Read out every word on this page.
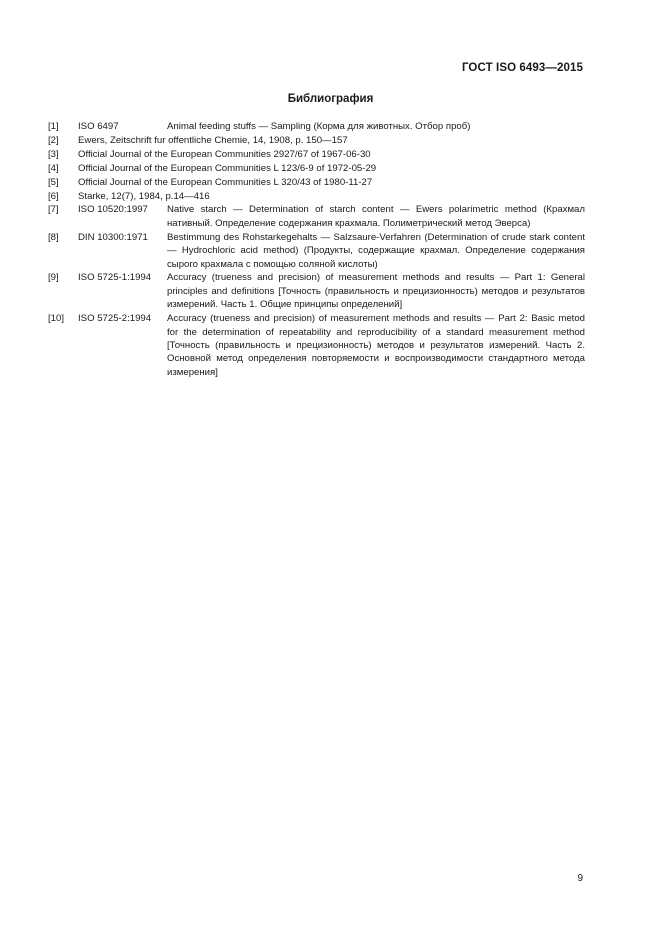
ГОСТ ISO 6493—2015
Библиография
[1]	ISO 6497	Animal feeding stuffs — Sampling (Корма для животных. Отбор проб)
[2]	Ewers, Zeitschrift fur offentliche Chemie, 14, 1908, p. 150—157
[3]	Official Journal of the European Communities 2927/67 of 1967-06-30
[4]	Official Journal of the European Communities L 123/6-9 of 1972-05-29
[5]	Official Journal of the European Communities L 320/43 of 1980-11-27
[6]	Starke, 12(7), 1984, p.14—416
[7]	ISO 10520:1997	Native starch — Determination of starch content — Ewers polarimetric method (Крахмал нативный. Определение содержания крахмала. Полиметрический метод Эверса)
[8]	DIN 10300:1971	Bestimmung des Rohstarkegehalts — Salzsaure-Verfahren (Determination of crude stark content — Hydrochloric acid method) (Продукты, содержащие крахмал. Определение содержания сырого крахмала с помощью соляной кислоты)
[9]	ISO 5725-1:1994	Accuracy (trueness and precision) of measurement methods and results — Part 1: General principles and definitions [Точность (правильность и прецизионность) методов и результатов измерений. Часть 1. Общие принципы определений]
[10]	ISO 5725-2:1994	Accuracy (trueness and precision) of measurement methods and results — Part 2: Basic metod for the determination of repeatability and reproducibility of a standard measurement method [Точность (правильность и прецизионность) методов и результатов измерений. Часть 2. Основной метод определения повторяемости и воспроизводимости стандартного метода измерения]
9
